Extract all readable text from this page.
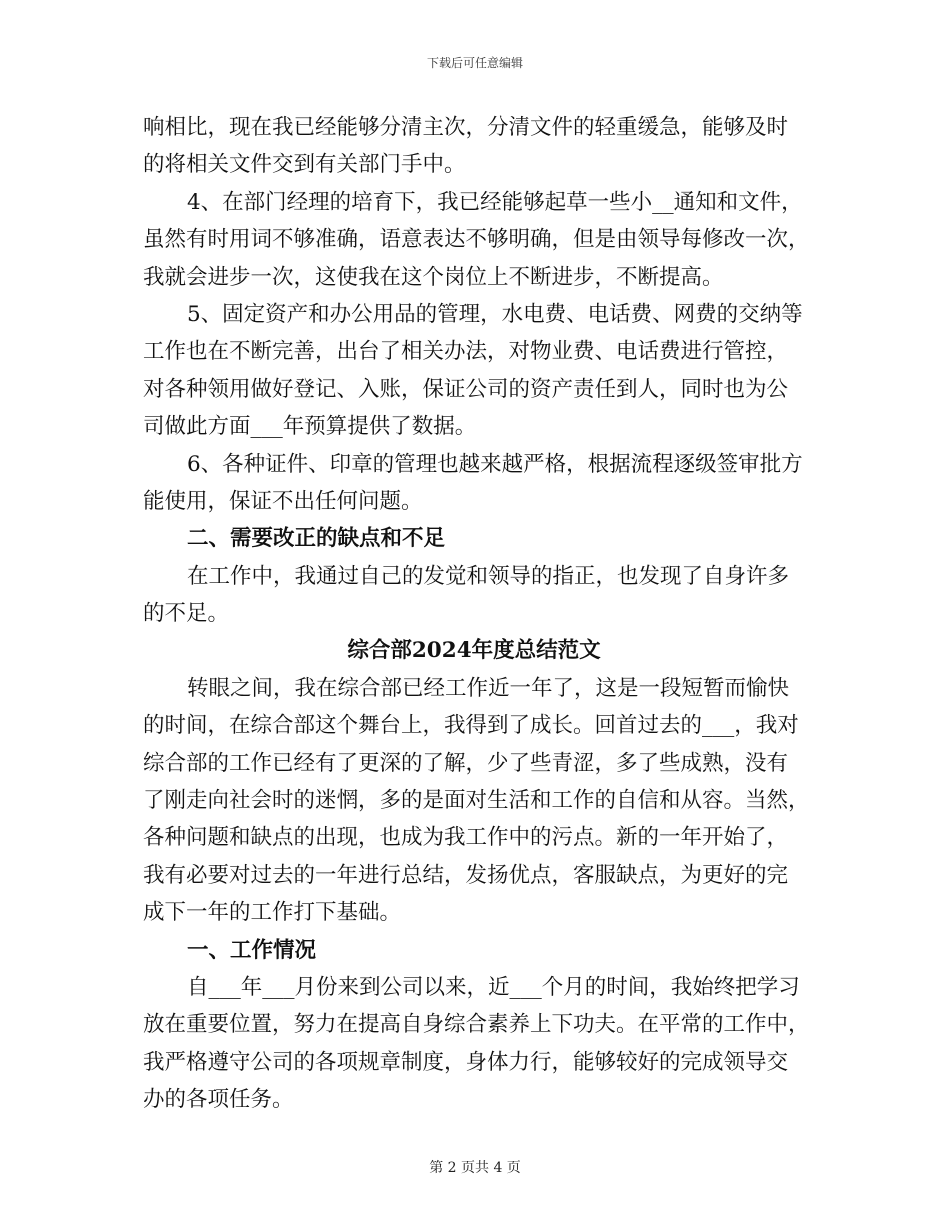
下载后可任意编辑
响相比，现在我已经能够分清主次，分清文件的轻重缓急，能够及时
的将相关文件交到有关部门手中。
4、在部门经理的培育下，我已经能够起草一些小__通知和文件，
虽然有时用词不够准确，语意表达不够明确，但是由领导每修改一次，
我就会进步一次，这使我在这个岗位上不断进步，不断提高。
5、固定资产和办公用品的管理，水电费、电话费、网费的交纳等
工作也在不断完善，出台了相关办法，对物业费、电话费进行管控，
对各种领用做好登记、入账，保证公司的资产责任到人，同时也为公
司做此方面___年预算提供了数据。
6、各种证件、印章的管理也越来越严格，根据流程逐级签审批方
能使用，保证不出任何问题。
二、需要改正的缺点和不足
在工作中，我通过自己的发觉和领导的指正，也发现了自身许多
的不足。
综合部2024年度总结范文
转眼之间，我在综合部已经工作近一年了，这是一段短暂而愉快
的时间，在综合部这个舞台上，我得到了成长。回首过去的___，我对
综合部的工作已经有了更深的了解，少了些青涩，多了些成熟，没有
了刚走向社会时的迷惘，多的是面对生活和工作的自信和从容。当然，
各种问题和缺点的出现，也成为我工作中的污点。新的一年开始了，
我有必要对过去的一年进行总结，发扬优点，客服缺点，为更好的完
成下一年的工作打下基础。
一、工作情况
自___年___月份来到公司以来，近___个月的时间，我始终把学习
放在重要位置，努力在提高自身综合素养上下功夫。在平常的工作中，
我严格遵守公司的各项规章制度，身体力行，能够较好的完成领导交
办的各项任务。
第 2 页共 4 页
